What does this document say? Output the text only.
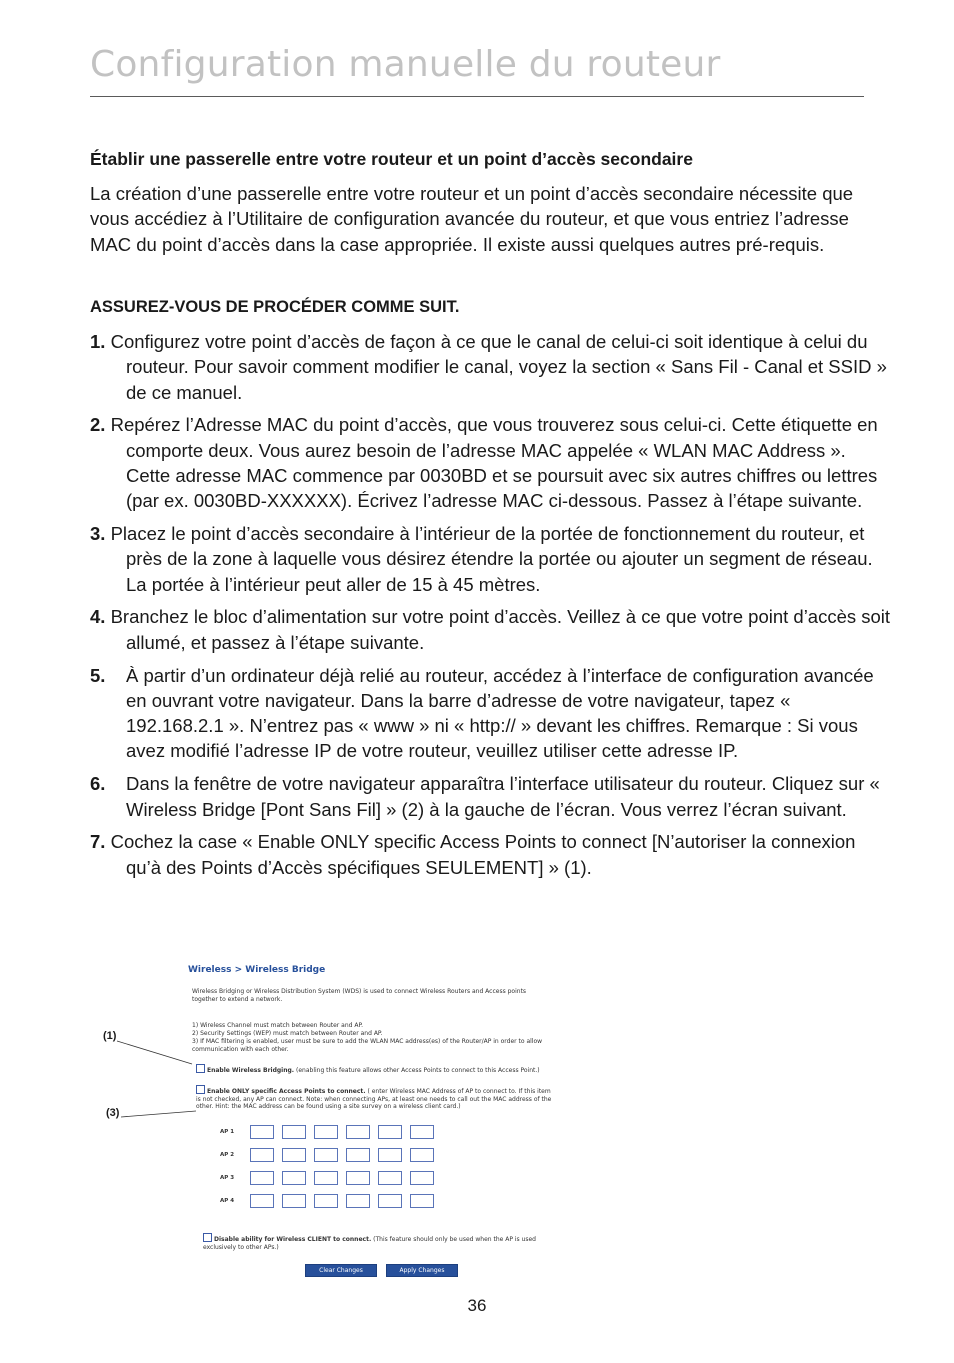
Configuration manuelle du routeur
Établir une passerelle entre votre routeur et un point d’accès secondaire

La création d’une passerelle entre votre routeur et un point d’accès secondaire nécessite que vous accédiez à l’Utilitaire de configuration avancée du routeur, et que vous entriez l’adresse MAC du point d’accès dans la case appropriée. Il existe aussi quelques autres pré-requis.

ASSUREZ-VOUS DE PROCÉDER COMME SUIT.
1. Configurez votre point d’accès de façon à ce que le canal de celui-ci soit identique à celui du routeur. Pour savoir comment modifier le canal, voyez la section « Sans Fil - Canal et SSID » de ce manuel.
2. Repérez l’Adresse MAC du point d’accès, que vous trouverez sous celui-ci. Cette étiquette en comporte deux. Vous aurez besoin de l’adresse MAC appelée « WLAN MAC Address ». Cette adresse MAC commence par 0030BD et se poursuit avec six autres chiffres ou lettres (par ex. 0030BD-XXXXXX). Écrivez l’adresse MAC ci-dessous. Passez à l’étape suivante.
3. Placez le point d’accès secondaire à l’intérieur de la portée de fonctionnement du routeur, et près de la zone à laquelle vous désirez étendre la portée ou ajouter un segment de réseau. La portée à l’intérieur peut aller de 15 à 45 mètres.
4. Branchez le bloc d’alimentation sur votre point d’accès. Veillez à ce que votre point d’accès soit allumé, et passez à l’étape suivante.
5. À partir d’un ordinateur déjà relié au routeur, accédez à l’interface de configuration avancée en ouvrant votre navigateur. Dans la barre d’adresse de votre navigateur, tapez « 192.168.2.1 ». N’entrez pas « www » ni « http:// » devant les chiffres. Remarque : Si vous avez modifié l’adresse IP de votre routeur, veuillez utiliser cette adresse IP.
6. Dans la fenêtre de votre navigateur apparaîtra l’interface utilisateur du routeur. Cliquez sur « Wireless Bridge [Pont Sans Fil] » (2) à la gauche de l’écran. Vous verrez l’écran suivant.
7. Cochez la case « Enable ONLY specific Access Points to connect [N’autoriser la connexion qu’à des Points d’Accès spécifiques SEULEMENT] » (1).
(1)
(3)
Wireless > Wireless Bridge

Wireless Bridging or Wireless Distribution System (WDS) is used to connect Wireless Routers and Access points together to extend a network.

1) Wireless Channel must match between Router and AP.

2) Security Settings (WEP) must match between Router and AP.

3) If MAC filtering is enabled, user must be sure to add the WLAN MAC address(es) of the Router/AP in order to allow communication with each other.

Enable Wireless Bridging. (enabling this feature allows other Access Points to connect to this Access Point.)

Enable ONLY specific Access Points to connect. ( enter Wireless MAC Address of AP to connect to. If this item is not checked, any AP can connect. Note: when connecting APs, at least one needs to call out the MAC address of the other. Hint: the MAC address can be found using a site survey on a wireless client card.)

AP 1
AP 2
AP 3
AP 4

Disable ability for Wireless CLIENT to connect. (This feature should only be used when the AP is used exclusively to other APs.)

Clear Changes	Apply Changes
36
